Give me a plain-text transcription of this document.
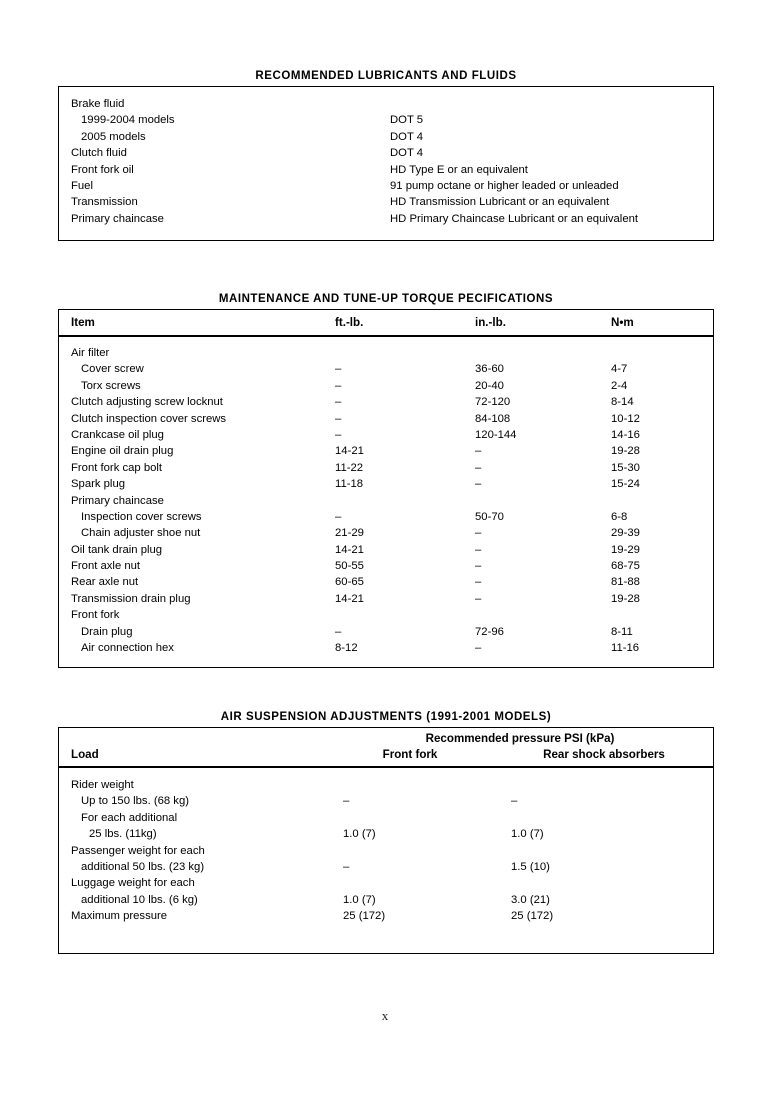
RECOMMENDED LUBRICANTS AND FLUIDS
Brake fluid
1999-2004 models	DOT 5
2005 models	DOT 4
Clutch fluid	DOT 4
Front fork oil	HD Type E or an equivalent
Fuel	91 pump octane or higher leaded or unleaded
Transmission	HD Transmission Lubricant or an equivalent
Primary chaincase	HD Primary Chaincase Lubricant or an equivalent
MAINTENANCE AND TUNE-UP TORQUE PECIFICATIONS
Item	ft.-lb.	in.-lb.	N•m
Air filter
Cover screw	–	36-60	4-7
Torx screws	–	20-40	2-4
Clutch adjusting screw locknut	–	72-120	8-14
Clutch inspection cover screws	–	84-108	10-12
Crankcase oil plug	–	120-144	14-16
Engine oil drain plug	14-21	–	19-28
Front fork cap bolt	11-22	–	15-30
Spark plug	11-18	–	15-24
Primary chaincase
Inspection cover screws	–	50-70	6-8
Chain adjuster shoe nut	21-29	–	29-39
Oil tank drain plug	14-21	–	19-29
Front axle nut	50-55	–	68-75
Rear axle nut	60-65	–	81-88
Transmission drain plug	14-21	–	19-28
Front fork
Drain plug	–	72-96	8-11
Air connection hex	8-12	–	11-16
AIR SUSPENSION ADJUSTMENTS (1991-2001 MODELS)
Recommended pressure PSI (kPa)
Load	Front fork	Rear shock absorbers
Rider weight
Up to 150 lbs. (68 kg)	–	–
For each additional
25 lbs. (11kg)	1.0 (7)	1.0 (7)
Passenger weight for each
additional 50 lbs. (23 kg)	–	1.5 (10)
Luggage weight for each
additional 10 lbs. (6 kg)	1.0 (7)	3.0 (21)
Maximum pressure	25 (172)	25 (172)
x
